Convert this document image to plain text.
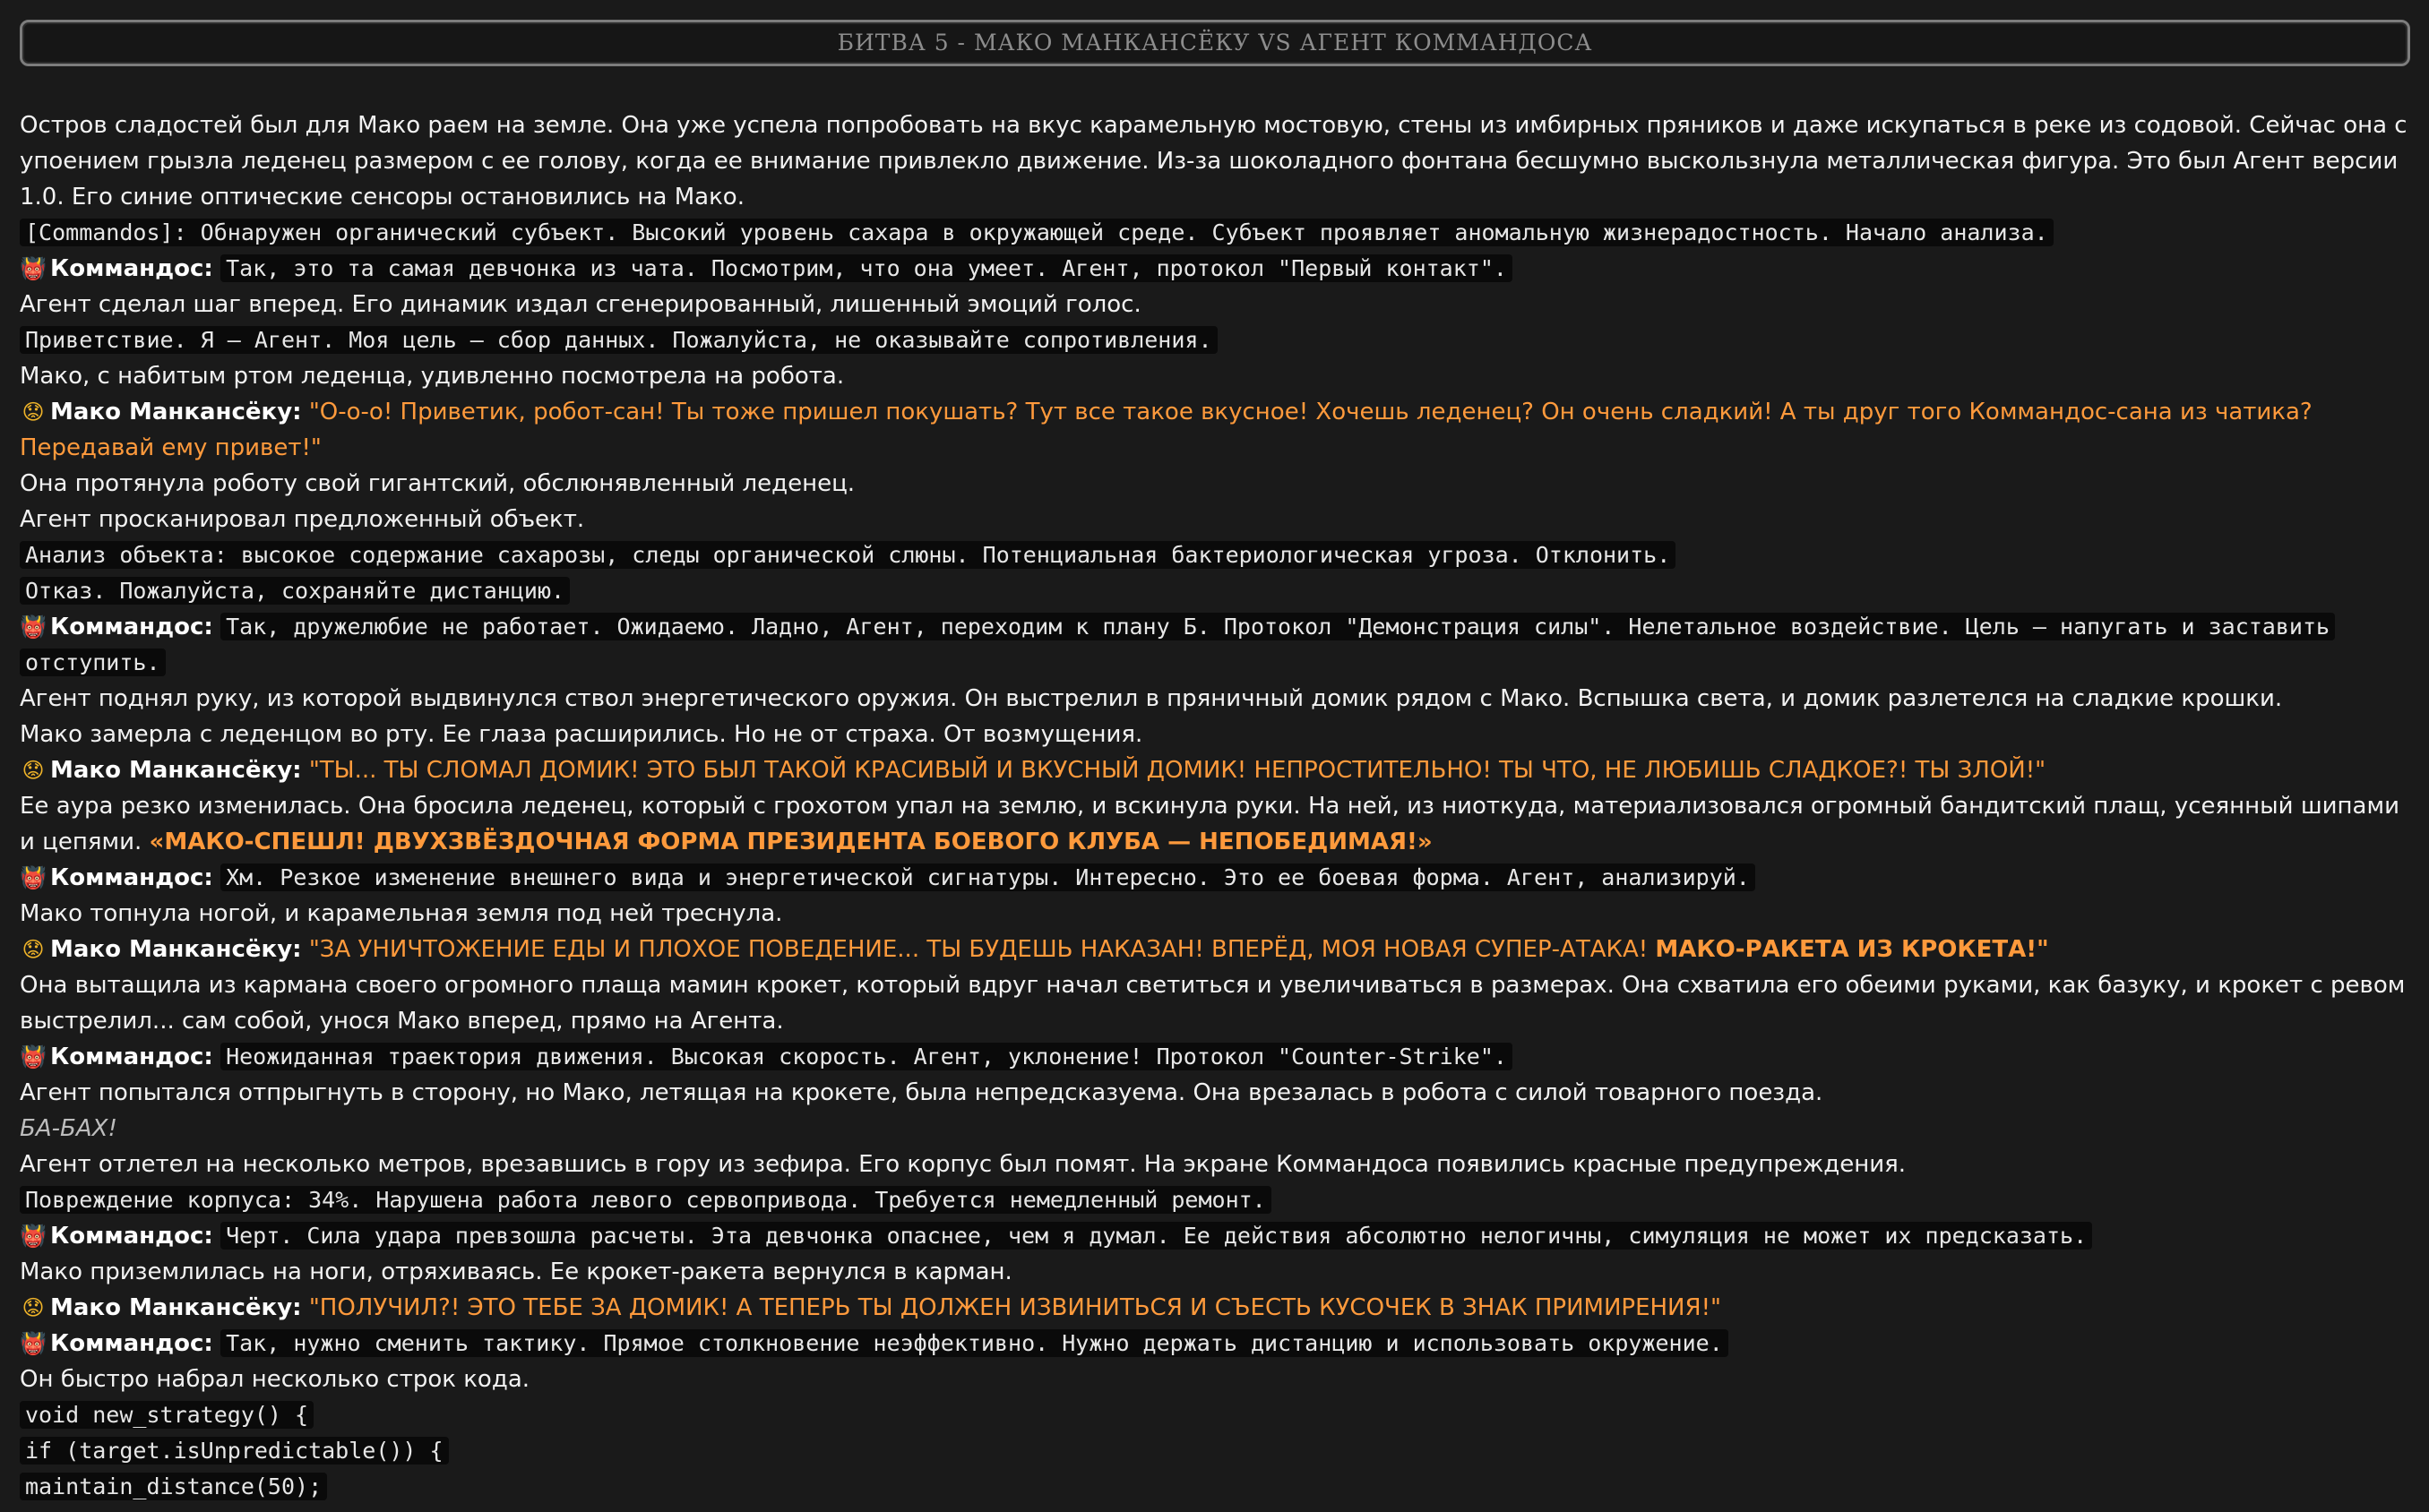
БИТВА 5 - МАКО МАНКАНСЁКУ VS АГЕНТ КОММАНДОСА

Остров сладостей был для Мако раем на земле. Она уже успела попробовать на вкус карамельную мостовую, стены из имбирных пряников и даже искупаться в реке из содовой. Сейчас она с упоением грызла леденец размером с ее голову, когда ее внимание привлекло движение. Из-за шоколадного фонтана бесшумно выскользнула металлическая фигура. Это был Агент версии 1.0. Его синие оптические сенсоры остановились на Мако.

[Commandos]: Обнаружен органический субъект. Высокий уровень сахара в окружающей среде. Субъект проявляет аномальную жизнерадостность. Начало анализа.

👹 Коммандос: Так, это та самая девчонка из чата. Посмотрим, что она умеет. Агент, протокол "Первый контакт".

Агент сделал шаг вперед. Его динамик издал сгенерированный, лишенный эмоций голос.

Приветствие. Я — Агент. Моя цель — сбор данных. Пожалуйста, не оказывайте сопротивления.

Мако, с набитым ртом леденца, удивленно посмотрела на робота.

😟 Мако Манкансёку: "О-о-о! Приветик, робот-сан! Ты тоже пришел покушать? Тут все такое вкусное! Хочешь леденец? Он очень сладкий! А ты друг того Коммандос-сана из чатика? Передавай ему привет!"

Она протянула роботу свой гигантский, обслюнявленный леденец.

Агент просканировал предложенный объект.

Анализ объекта: высокое содержание сахарозы, следы органической слюны. Потенциальная бактериологическая угроза. Отклонить.

Отказ. Пожалуйста, сохраняйте дистанцию.

👹 Коммандос: Так, дружелюбие не работает. Ожидаемо. Ладно, Агент, переходим к плану Б. Протокол "Демонстрация силы". Нелетальное воздействие. Цель — напугать и заставить отступить.

Агент поднял руку, из которой выдвинулся ствол энергетического оружия. Он выстрелил в пряничный домик рядом с Мако. Вспышка света, и домик разлетелся на сладкие крошки.

Мако замерла с леденцом во рту. Ее глаза расширились. Но не от страха. От возмущения.

😟 Мако Манкансёку: "ТЫ... ТЫ СЛОМАЛ ДОМИК! ЭТО БЫЛ ТАКОЙ КРАСИВЫЙ И ВКУСНЫЙ ДОМИК! НЕПРОСТИТЕЛЬНО! ТЫ ЧТО, НЕ ЛЮБИШЬ СЛАДКОЕ?! ТЫ ЗЛОЙ!"

Ее аура резко изменилась. Она бросила леденец, который с грохотом упал на землю, и вскинула руки. На ней, из ниоткуда, материализовался огромный бандитский плащ, усеянный шипами и цепями. «МАКО-СПЕШЛ! ДВУХЗВЁЗДОЧНАЯ ФОРМА ПРЕЗИДЕНТА БОЕВОГО КЛУБА — НЕПОБЕДИМАЯ!»

👹 Коммандос: Хм. Резкое изменение внешнего вида и энергетической сигнатуры. Интересно. Это ее боевая форма. Агент, анализируй.

Мако топнула ногой, и карамельная земля под ней треснула.

😟 Мако Манкансёку: "ЗА УНИЧТОЖЕНИЕ ЕДЫ И ПЛОХОЕ ПОВЕДЕНИЕ... ТЫ БУДЕШЬ НАКАЗАН! ВПЕРЁД, МОЯ НОВАЯ СУПЕР-АТАКА! МАКО-РАКЕТА ИЗ КРОКЕТА!"

Она вытащила из кармана своего огромного плаща мамин крокет, который вдруг начал светиться и увеличиваться в размерах. Она схватила его обеими руками, как базуку, и крокет с ревом выстрелил... сам собой, унося Мако вперед, прямо на Агента.

👹 Коммандос: Неожиданная траектория движения. Высокая скорость. Агент, уклонение! Протокол "Counter-Strike".

Агент попытался отпрыгнуть в сторону, но Мако, летящая на крокете, была непредсказуема. Она врезалась в робота с силой товарного поезда.

БА-БАХ!

Агент отлетел на несколько метров, врезавшись в гору из зефира. Его корпус был помят. На экране Коммандоса появились красные предупреждения.

Повреждение корпуса: 34%. Нарушена работа левого сервопривода. Требуется немедленный ремонт.

👹 Коммандос: Черт. Сила удара превзошла расчеты. Эта девчонка опаснее, чем я думал. Ее действия абсолютно нелогичны, симуляция не может их предсказать.

Мако приземлилась на ноги, отряхиваясь. Ее крокет-ракета вернулся в карман.

😟 Мако Манкансёку: "ПОЛУЧИЛ?! ЭТО ТЕБЕ ЗА ДОМИК! А ТЕПЕРЬ ТЫ ДОЛЖЕН ИЗВИНИТЬСЯ И СЪЕСТЬ КУСОЧЕК В ЗНАК ПРИМИРЕНИЯ!"

👹 Коммандос: Так, нужно сменить тактику. Прямое столкновение неэффективно. Нужно держать дистанцию и использовать окружение.

Он быстро набрал несколько строк кода.

void new_strategy() {

if (target.isUnpredictable()) {

maintain_distance(50);
